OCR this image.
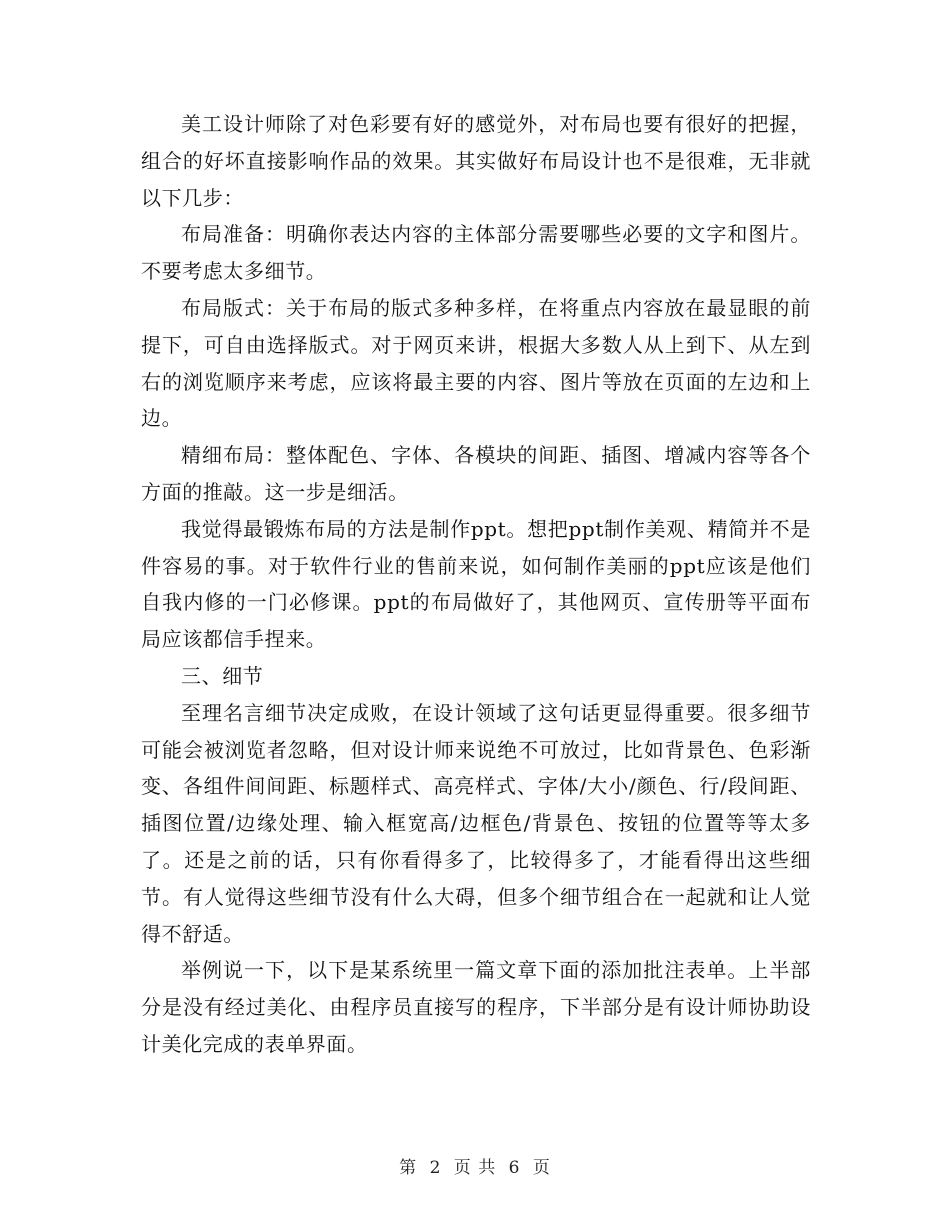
美工设计师除了对色彩要有好的感觉外，对布局也要有很好的把握，组合的好坏直接影响作品的效果。其实做好布局设计也不是很难，无非就以下几步：

布局准备：明确你表达内容的主体部分需要哪些必要的文字和图片。不要考虑太多细节。

布局版式：关于布局的版式多种多样，在将重点内容放在最显眼的前提下，可自由选择版式。对于网页来讲，根据大多数人从上到下、从左到右的浏览顺序来考虑，应该将最主要的内容、图片等放在页面的左边和上边。

精细布局：整体配色、字体、各模块的间距、插图、增减内容等各个方面的推敲。这一步是细活。

我觉得最锻炼布局的方法是制作ppt。想把ppt制作美观、精简并不是件容易的事。对于软件行业的售前来说，如何制作美丽的ppt应该是他们自我内修的一门必修课。ppt的布局做好了，其他网页、宣传册等平面布局应该都信手捏来。

三、细节

至理名言细节决定成败，在设计领域了这句话更显得重要。很多细节可能会被浏览者忽略，但对设计师来说绝不可放过，比如背景色、色彩渐变、各组件间间距、标题样式、高亮样式、字体/大小/颜色、行/段间距、插图位置/边缘处理、输入框宽高/边框色/背景色、按钮的位置等等太多了。还是之前的话，只有你看得多了，比较得多了，才能看得出这些细节。有人觉得这些细节没有什么大碍，但多个细节组合在一起就和让人觉得不舒适。

举例说一下，以下是某系统里一篇文章下面的添加批注表单。上半部分是没有经过美化、由程序员直接写的程序，下半部分是有设计师协助设计美化完成的表单界面。

第 2 页 共 6 页
